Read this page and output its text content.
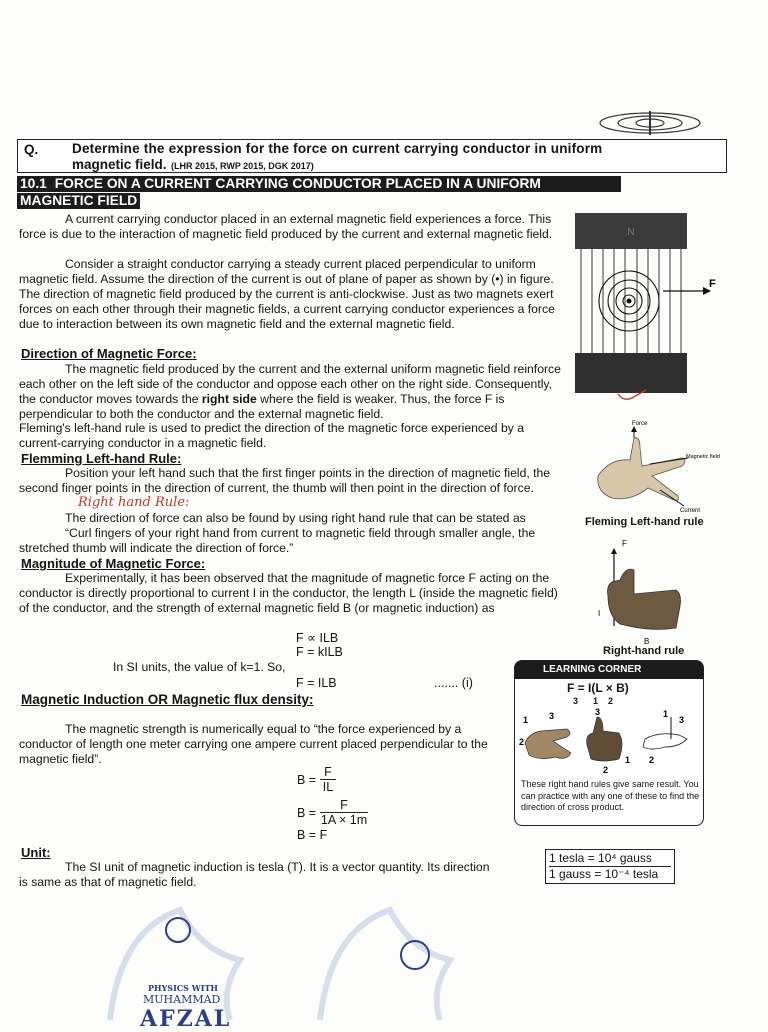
Q. Determine the expression for the force on current carrying conductor in uniform
magnetic field. (LHR 2015, RWP 2015, DGK 2017)
10.1 FORCE ON A CURRENT CARRYING CONDUCTOR PLACED IN A UNIFORM
MAGNETIC FIELD

A current carrying conductor placed in an external magnetic field experiences a force. This force is due to the interaction of magnetic field produced by the current and external magnetic field.

Consider a straight conductor carrying a steady current placed perpendicular to uniform magnetic field. Assume the direction of the current is out of plane of paper as shown by (•) in figure. The direction of magnetic field produced by the current is anti-clockwise. Just as two magnets exert forces on each other through their magnetic fields, a current carrying conductor experiences a force due to interaction between its own magnetic field and the external magnetic field.

Direction of Magnetic Force:

The magnetic field produced by the current and the external uniform magnetic field reinforce each other on the left side of the conductor and oppose each other on the right side. Consequently, the conductor moves towards the right side where the field is weaker. Thus, the force F is perpendicular to both the conductor and the external magnetic field.

Fleming's left-hand rule is used to predict the direction of the magnetic force experienced by a current-carrying conductor in a magnetic field.

Flemming Left-hand Rule:

Position your left hand such that the first finger points in the direction of magnetic field, the second finger points in the direction of current, the thumb will then point in the direction of force.

Right hand Rule:

The direction of force can also be found by using right hand rule that can be stated as

“Curl fingers of your right hand from current to magnetic field through smaller angle, the stretched thumb will indicate the direction of force.”

Magnitude of Magnetic Force:

Experimentally, it has been observed that the magnitude of magnetic force F acting on the conductor is directly proportional to current I in the conductor, the length L (inside the magnetic field) of the conductor, and the strength of external magnetic field B (or magnetic induction) as

F ∝ ILB
F = kILB
In SI units, the value of k=1. So,
F = ILB	....... (i)
Magnetic Induction OR Magnetic flux density:

The magnetic strength is numerically equal to “the force experienced by a conductor of length one meter carrying one ampere current placed perpendicular to the magnetic field”.

$B = \frac{F}{IL}$
$B = \frac{F}{1A \times 1m}$
B = F
Unit:

The SI unit of magnetic induction is tesla (T). It is a vector quantity. Its direction is same as that of magnetic field.

1 tesla = 10⁴ gauss
1 gauss = 10⁻⁴ tesla
N
F
Force
Magnetic field
Current
Fleming Left-hand rule
F
I
B
Right-hand rule
LEARNING CORNER
F = I(L × B)
3      1    2
1 3
2
3
1
2
1
3
2
These right hand rules give same result. You can practice with any one of these to find the direction of cross product.
PHYSICS WITH
MUHAMMAD
AFZAL
